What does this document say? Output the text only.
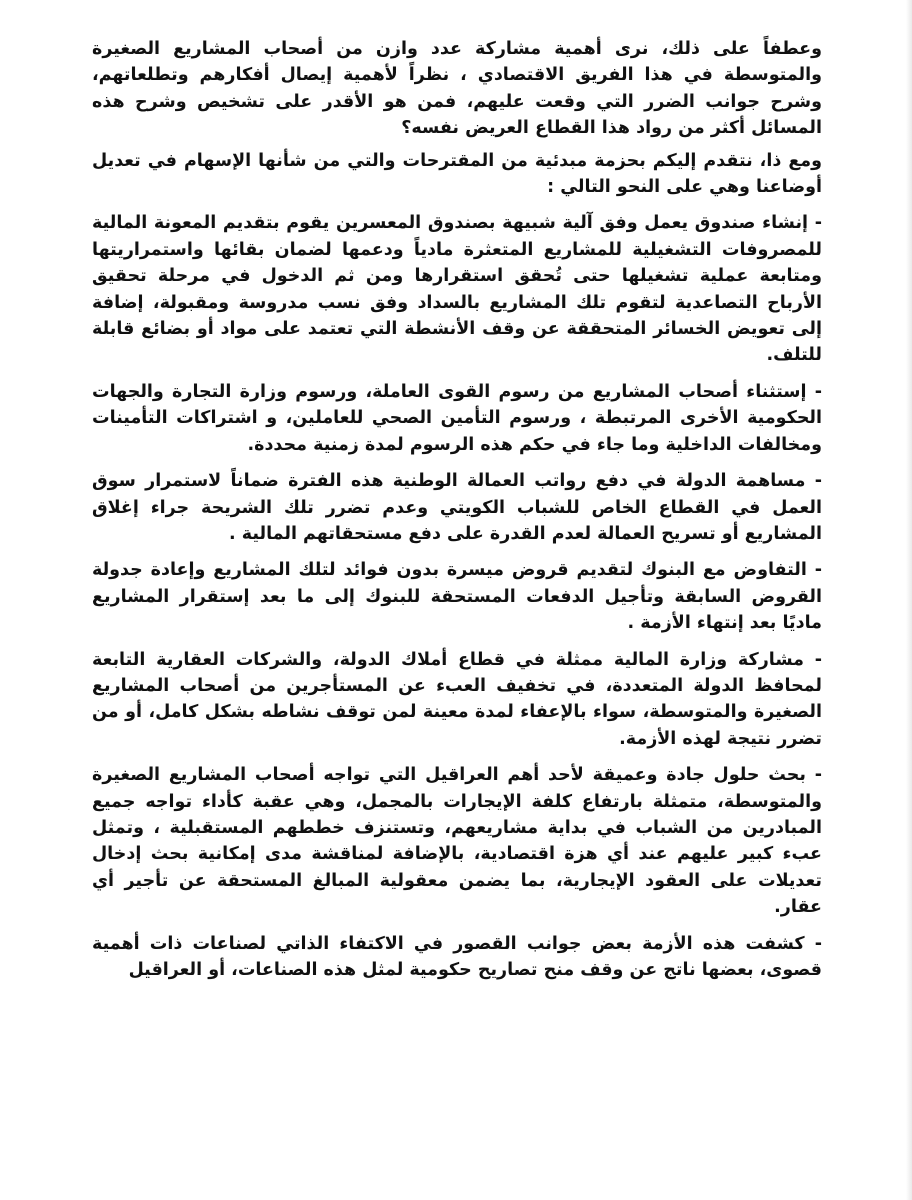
وعطفاً على ذلك، نرى أهمية مشاركة عدد وازن من أصحاب المشاريع الصغيرة والمتوسطة في هذا الفريق الاقتصادي ، نظراً لأهمية إيصال أفكارهم وتطلعاتهم، وشرح جوانب الضرر التي وقعت عليهم، فمن هو الأقدر على تشخيص وشرح هذه المسائل أكثر من رواد هذا القطاع العريض نفسه؟

ومع ذا، نتقدم إليكم بحزمة مبدئية من المقترحات والتي من شأنها الإسهام في تعديل أوضاعنا وهي على النحو التالي :

- إنشاء صندوق يعمل وفق آلية شبيهة بصندوق المعسرين يقوم بتقديم المعونة المالية للمصروفات التشغيلية للمشاريع المتعثرة مادياً ودعمها لضمان بقائها واستمراريتها ومتابعة عملية تشغيلها حتى تُحقق استقرارها ومن ثم الدخول في مرحلة تحقيق الأرباح التصاعدية لتقوم تلك المشاريع بالسداد وفق نسب مدروسة ومقبولة، إضافة إلى تعويض الخسائر المتحققة عن وقف الأنشطة التي تعتمد على مواد أو بضائع قابلة للتلف.

- إستثناء أصحاب المشاريع من رسوم القوى العاملة، ورسوم وزارة التجارة والجهات الحكومية الأخرى المرتبطة ، ورسوم التأمين الصحي للعاملين، و اشتراكات التأمينات ومخالفات الداخلية وما جاء في حكم هذه الرسوم لمدة زمنية محددة.

- مساهمة الدولة في دفع رواتب العمالة الوطنية هذه الفترة ضماناً لاستمرار سوق العمل في القطاع الخاص للشباب الكويتي وعدم تضرر تلك الشريحة جراء إغلاق المشاريع أو تسريح العمالة لعدم القدرة على دفع مستحقاتهم المالية .

- التفاوض مع البنوك لتقديم قروض ميسرة بدون فوائد لتلك المشاريع وإعادة جدولة القروض السابقة وتأجيل الدفعات المستحقة للبنوك إلى ما بعد إستقرار المشاريع ماديًا بعد إنتهاء الأزمة .

- مشاركة وزارة المالية ممثلة في قطاع أملاك الدولة، والشركات العقارية التابعة لمحافظ الدولة المتعددة، في تخفيف العبء عن المستأجرين من أصحاب المشاريع الصغيرة والمتوسطة، سواء بالإعفاء لمدة معينة لمن توقف نشاطه بشكل كامل، أو من تضرر نتيجة لهذه الأزمة.

- بحث حلول جادة وعميقة لأحد أهم العراقيل التي تواجه أصحاب المشاريع الصغيرة والمتوسطة، متمثلة بارتفاع كلفة الإيجارات بالمجمل، وهي عقبة كأداء تواجه جميع المبادرين من الشباب في بداية مشاريعهم، وتستنزف خططهم المستقبلية ، وتمثل عبء كبير عليهم عند أي هزة اقتصادية، بالإضافة لمناقشة مدى إمكانية بحث إدخال تعديلات على العقود الإيجارية، بما يضمن معقولية المبالغ المستحقة عن تأجير أي عقار.

- كشفت هذه الأزمة بعض جوانب القصور في الاكتفاء الذاتي لصناعات ذات أهمية قصوى، بعضها ناتج عن وقف منح تصاريح حكومية لمثل هذه الصناعات، أو العراقيل
